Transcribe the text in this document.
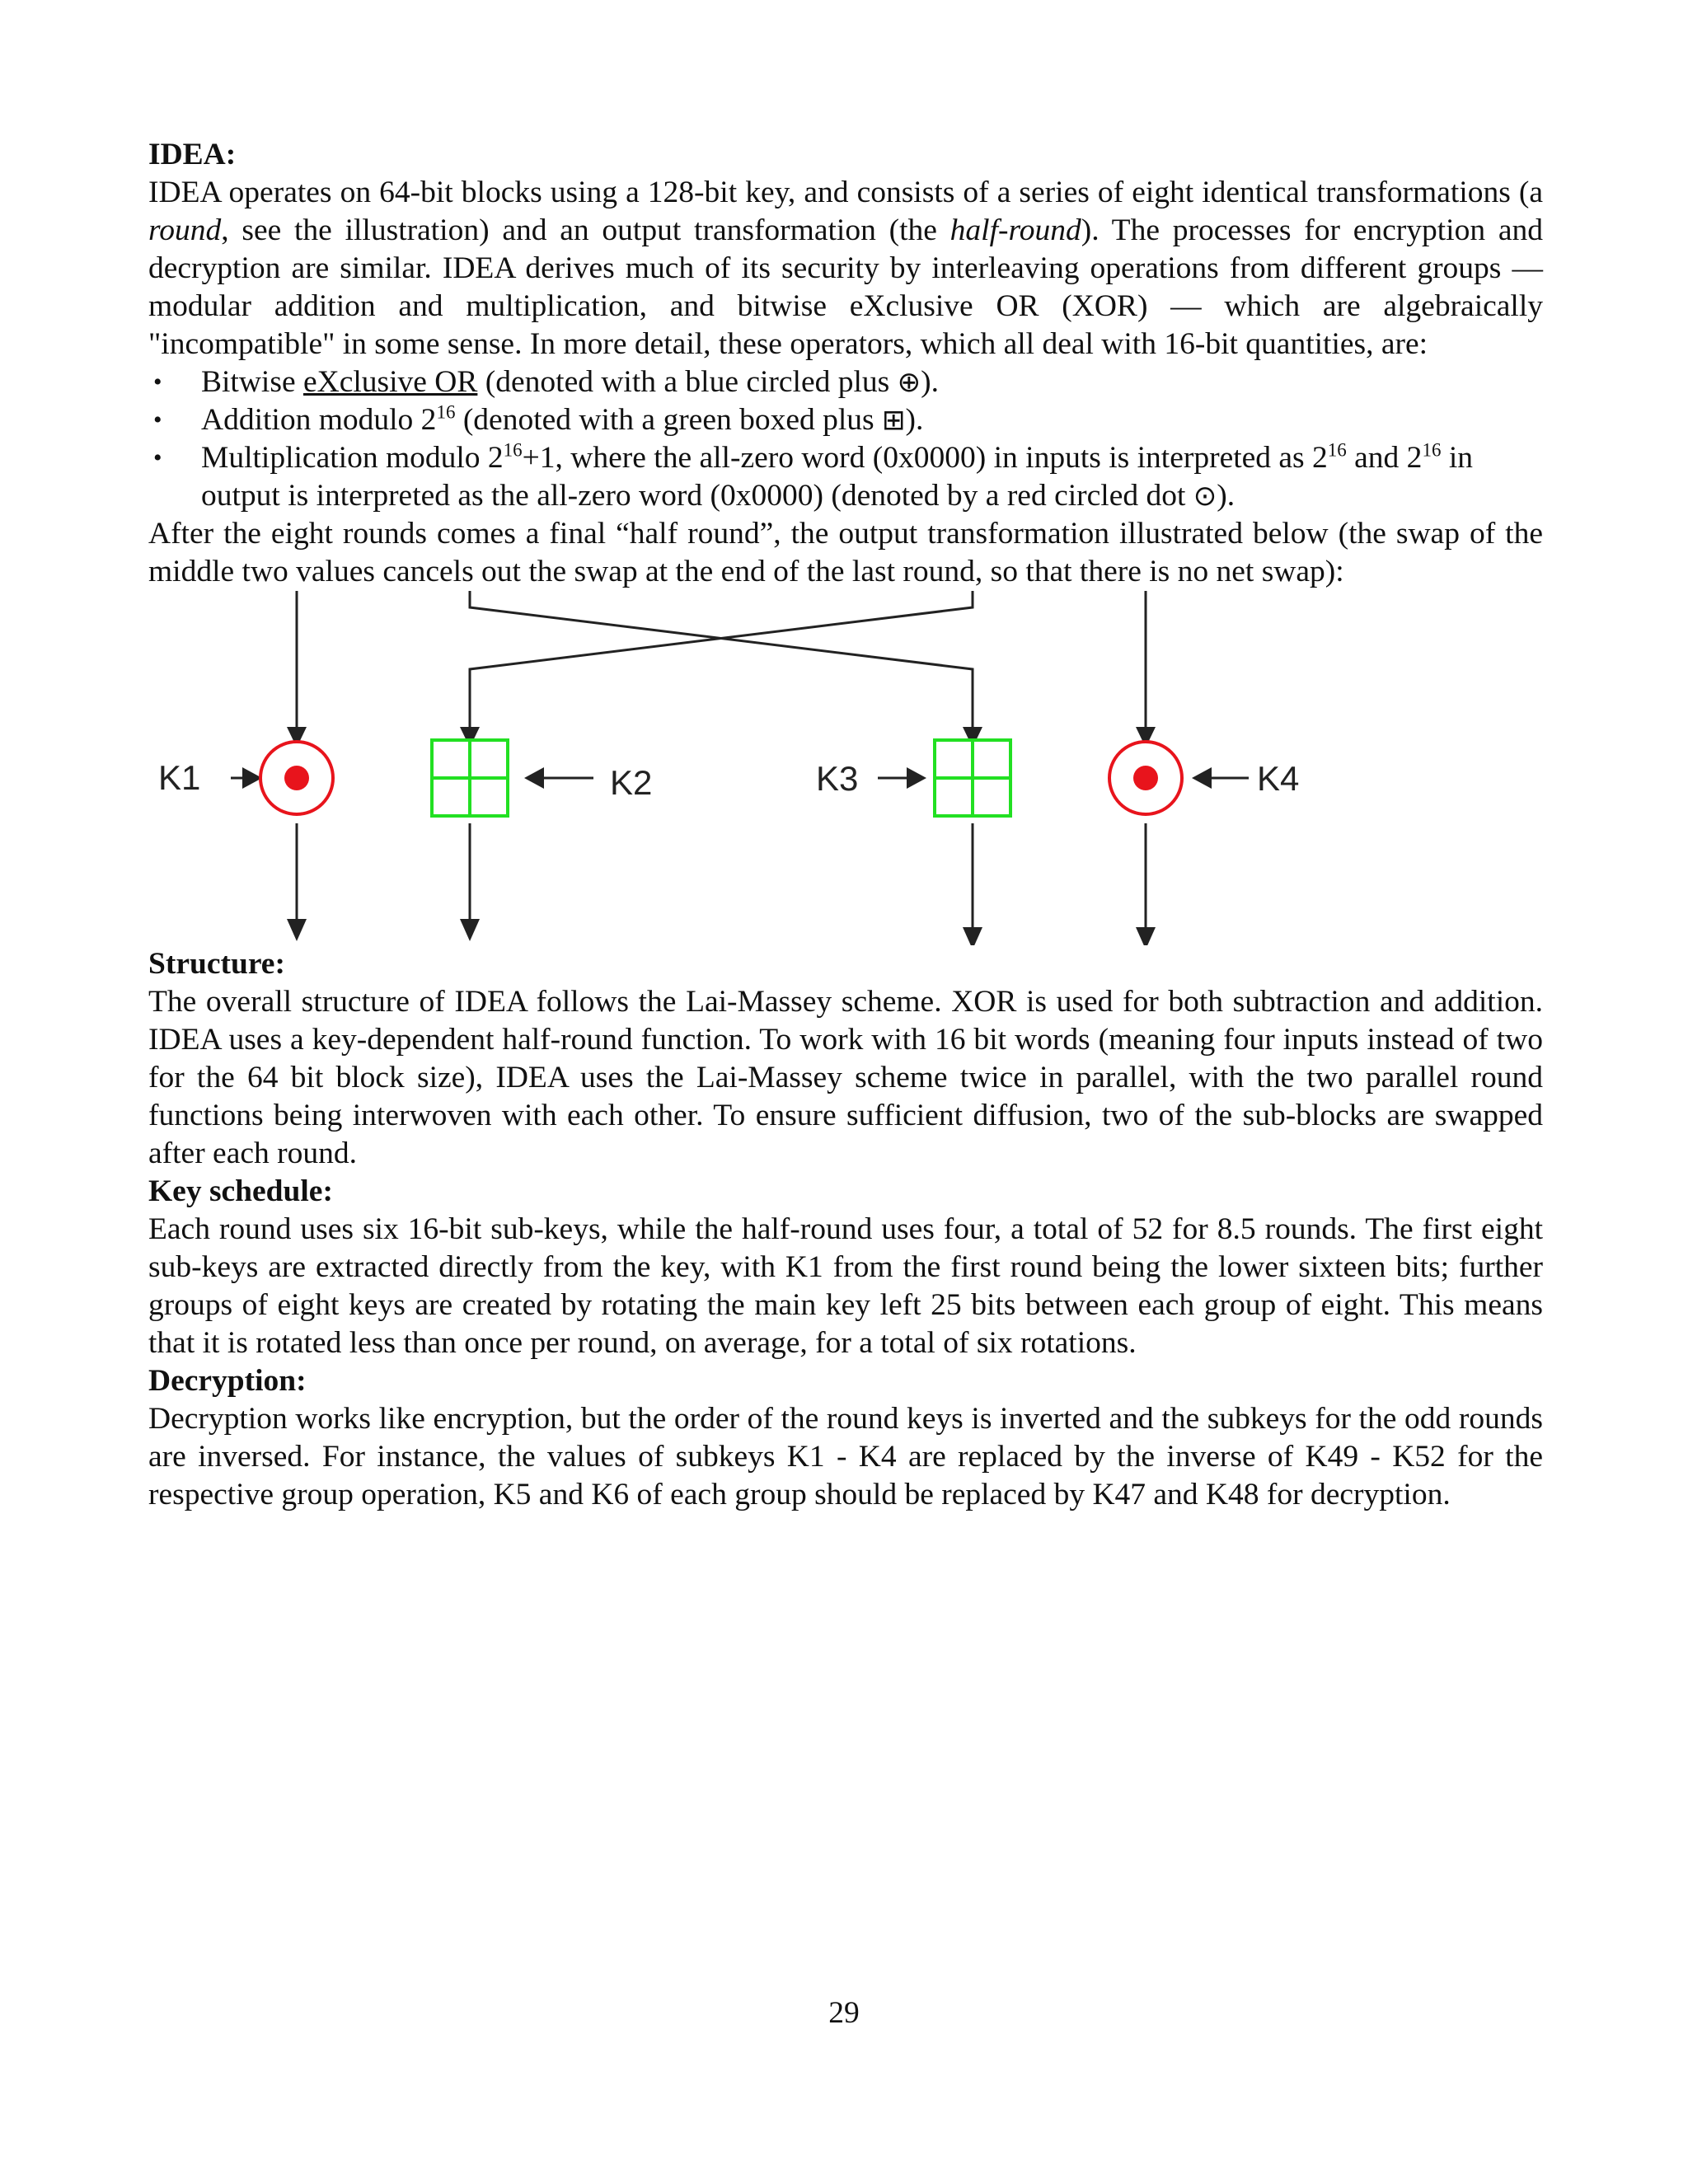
IDEA:

IDEA operates on 64-bit blocks using a 128-bit key, and consists of a series of eight identical transformations (a round, see the illustration) and an output transformation (the half-round). The processes for encryption and decryption are similar. IDEA derives much of its security by interleaving operations from different groups — modular addition and multiplication, and bitwise eXclusive OR (XOR) — which are algebraically "incompatible" in some sense. In more detail, these operators, which all deal with 16-bit quantities, are:

• Bitwise eXclusive OR (denoted with a blue circled plus ⊕).
• Addition modulo $2^{16}$ (denoted with a green boxed plus ⊞).
• Multiplication modulo $2^{16}+1$, where the all-zero word (0x0000) in inputs is interpreted as $2^{16}$ and $2^{16}$ in output is interpreted as the all-zero word (0x0000) (denoted by a red circled dot ⊙).

After the eight rounds comes a final “half round”, the output transformation illustrated below (the swap of the middle two values cancels out the swap at the end of the last round, so that there is no net swap):

K1	K2	K3	K4

Structure:

The overall structure of IDEA follows the Lai-Massey scheme. XOR is used for both subtraction and addition. IDEA uses a key-dependent half-round function. To work with 16 bit words (meaning four inputs instead of two for the 64 bit block size), IDEA uses the Lai-Massey scheme twice in parallel, with the two parallel round functions being interwoven with each other. To ensure sufficient diffusion, two of the sub-blocks are swapped after each round.

Key schedule:

Each round uses six 16-bit sub-keys, while the half-round uses four, a total of 52 for 8.5 rounds. The first eight sub-keys are extracted directly from the key, with K1 from the first round being the lower sixteen bits; further groups of eight keys are created by rotating the main key left 25 bits between each group of eight. This means that it is rotated less than once per round, on average, for a total of six rotations.

Decryption:

Decryption works like encryption, but the order of the round keys is inverted and the subkeys for the odd rounds are inversed. For instance, the values of subkeys K1 - K4 are replaced by the inverse of K49 - K52 for the respective group operation, K5 and K6 of each group should be replaced by K47 and K48 for decryption.

29
